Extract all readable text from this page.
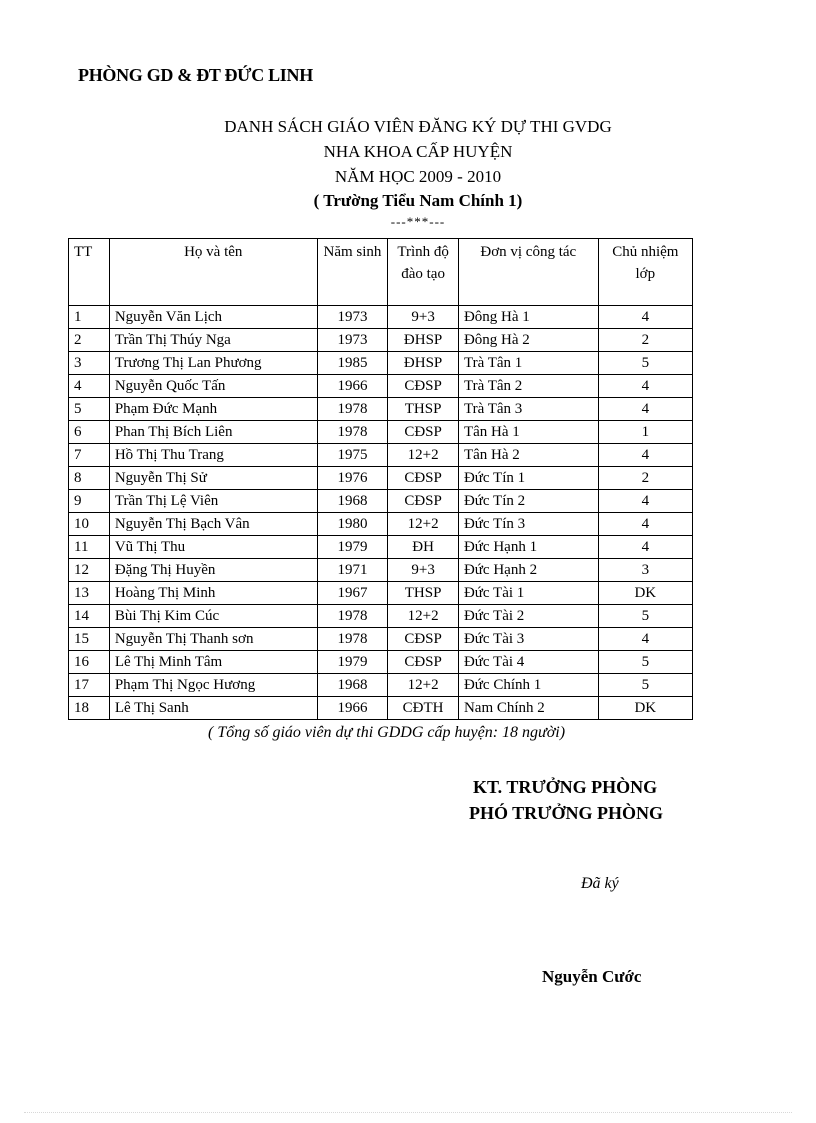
PHÒNG GD & ĐT ĐỨC LINH
DANH SÁCH GIÁO VIÊN ĐĂNG KÝ DỰ THI GVDG
NHA KHOA CẤP HUYỆN
NĂM HỌC 2009 - 2010
( Trường Tiểu Nam Chính 1)
---***---
TT	Họ và tên	Năm sinh	Trình độ đào tạo	Đơn vị công tác	Chủ nhiệm lớp
1	Nguyễn Văn Lịch	1973	9+3	Đông Hà 1	4
2	Trần Thị Thúy Nga	1973	ĐHSP	Đông Hà 2	2
3	Trương Thị Lan Phương	1985	ĐHSP	Trà Tân 1	5
4	Nguyễn Quốc Tấn	1966	CĐSP	Trà Tân 2	4
5	Phạm Đức Mạnh	1978	THSP	Trà Tân 3	4
6	Phan Thị Bích Liên	1978	CĐSP	Tân Hà 1	1
7	Hồ Thị Thu Trang	1975	12+2	Tân Hà 2	4
8	Nguyễn Thị Sử	1976	CĐSP	Đức Tín 1	2
9	Trần Thị Lệ Viên	1968	CĐSP	Đức Tín 2	4
10	Nguyễn Thị Bạch Vân	1980	12+2	Đức Tín 3	4
11	Vũ Thị Thu	1979	ĐH	Đức Hạnh 1	4
12	Đặng Thị Huyền	1971	9+3	Đức Hạnh 2	3
13	Hoàng Thị Minh	1967	THSP	Đức Tài 1	DK
14	Bùi Thị Kim Cúc	1978	12+2	Đức Tài 2	5
15	Nguyễn Thị Thanh sơn	1978	CĐSP	Đức Tài 3	4
16	Lê Thị Minh Tâm	1979	CĐSP	Đức Tài 4	5
17	Phạm Thị Ngọc Hương	1968	12+2	Đức Chính 1	5
18	Lê Thị Sanh	1966	CĐTH	Nam Chính 2	DK
( Tổng số giáo viên dự thi GDDG cấp huyện: 18 người)
KT. TRƯỞNG PHÒNG
PHÓ TRƯỞNG PHÒNG
Đã ký
Nguyễn Cước
